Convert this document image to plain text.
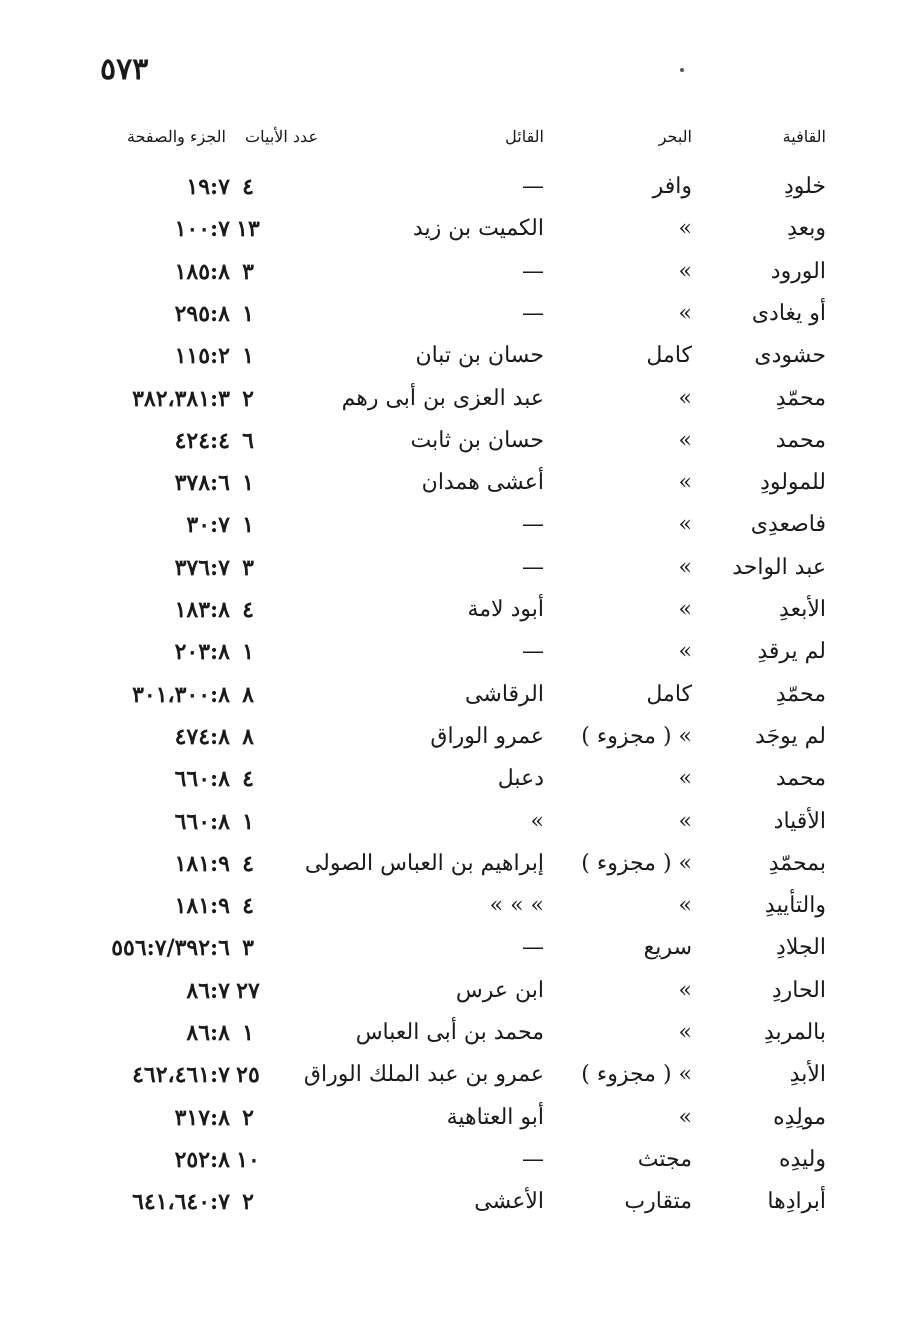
٥٧٣
القافية
البحر
القائل
عدد الأبيات
الجزء والصفحة
خلودِ
وافر
—
٤
١٩:٧
وبعدِ
»
الكميت بن زيد
١٣
١٠٠:٧
الورود
»
—
٣
١٨٥:٨
أو يغادى
»
—
١
٢٩٥:٨
حشودى
كامل
حسان بن تبان
١
١١٥:٢
محمّدِ
»
عبد العزى بن أبى رهم
٢
٣٨٢،٣٨١:٣
محمد
»
حسان بن ثابت
٦
٤٢٤:٤
للمولودِ
»
أعشى همدان
١
٣٧٨:٦
فاصعدِى
»
—
١
٣٠:٧
عبد الواحد
»
—
٣
٣٧٦:٧
الأبعدِ
»
أبود لامة
٤
١٨٣:٨
لم يرقدِ
»
—
١
٢٠٣:٨
محمّدِ
كامل
الرقاشى
٨
٣٠١،٣٠٠:٨
لم يوجَد
» ( مجزوء )
عمرو الوراق
٨
٤٧٤:٨
محمد
»
دعبل
٤
٦٦٠:٨
الأقياد
»
»
١
٦٦٠:٨
بمحمّدِ
» ( مجزوء )
إبراهيم بن العباس الصولى
٤
١٨١:٩
والتأييدِ
»
» » »
٤
١٨١:٩
الجلادِ
سريع
—
٣
٥٥٦:٧/٣٩٢:٦
الحاردِ
»
ابن عرس
٢٧
٨٦:٧
بالمربدِ
»
محمد بن أبى العباس
١
٨٦:٨
الأبدِ
» ( مجزوء )
عمرو بن عبد الملك الوراق
٢٥
٤٦٢،٤٦١:٧
مولِدِه
»
أبو العتاهية
٢
٣١٧:٨
وليدِه
مجتث
—
١٠
٢٥٢:٨
أبرادِها
متقارب
الأعشى
٢
٦٤١،٦٤٠:٧
